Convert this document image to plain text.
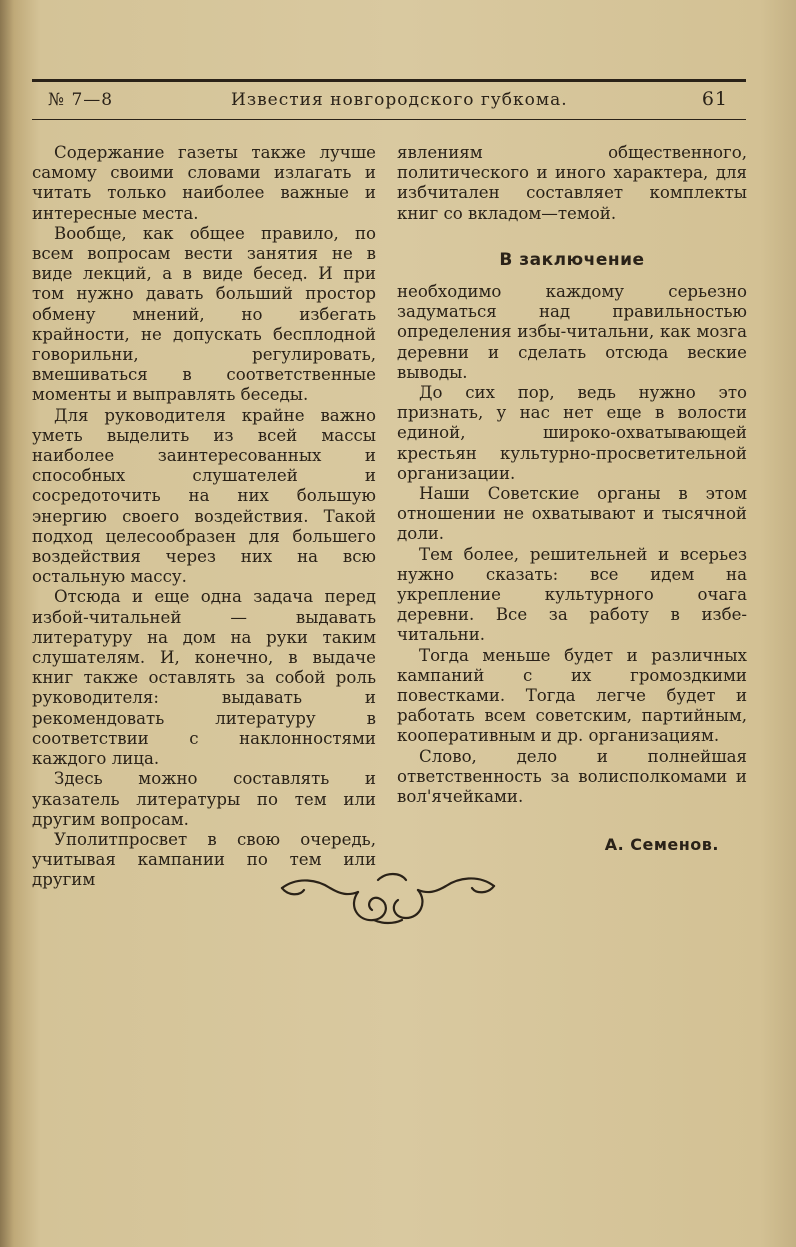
№ 7—8	Известия новгородского губкома.	61

Содержание газеты также лучше самому своими словами излагать и читать только наиболее важные и интересные места.

Вообще, как общее правило, по всем вопросам вести занятия не в виде лекций, а в виде бесед. И при том нужно давать больший простор обмену мнений, но избегать крайности, не допускать бесплодной говорильни, регулировать, вмешиваться в соответственные моменты и выправлять беседы.

Для руководителя крайне важно уметь выделить из всей массы наиболее заинтересованных и способных слушателей и сосредоточить на них большую энергию своего воздействия. Такой подход целесообразен для большего воздействия через них на всю остальную массу.

Отсюда и еще одна задача перед избой-читальней — выдавать литературу на дом на руки таким слушателям. И, конечно, в выдаче книг также оставлять за собой роль руководителя: выдавать и рекомендовать литературу в соответствии с наклонностями каждого лица.

Здесь можно составлять и указатель литературы по тем или другим вопросам.

Уполитпросвет в свою очередь, учитывая кампании по тем или другим

явлениям общественного, политического и иного характера, для избчитален составляет комплекты книг со вкладом—темой.

В заключение

необходимо каждому серьезно задуматься над правильностью определения избы-читальни, как мозга деревни и сделать отсюда веские выводы.

До сих пор, ведь нужно это признать, у нас нет еще в волости единой, широко-охватывающей крестьян культурно-просветительной организации.

Наши Советские органы в этом отношении не охватывают и тысячной доли.

Тем более, решительней и всерьез нужно сказать: все идем на укрепление культурного очага деревни. Все за работу в избе-читальни.

Тогда меньше будет и различных кампаний с их громоздкими повестками. Тогда легче будет и работать всем советским, партийным, кооперативным и др. организациям.

Слово, дело и полнейшая ответственность за волисполкомами и вол'ячейками.

А. Семенов.
